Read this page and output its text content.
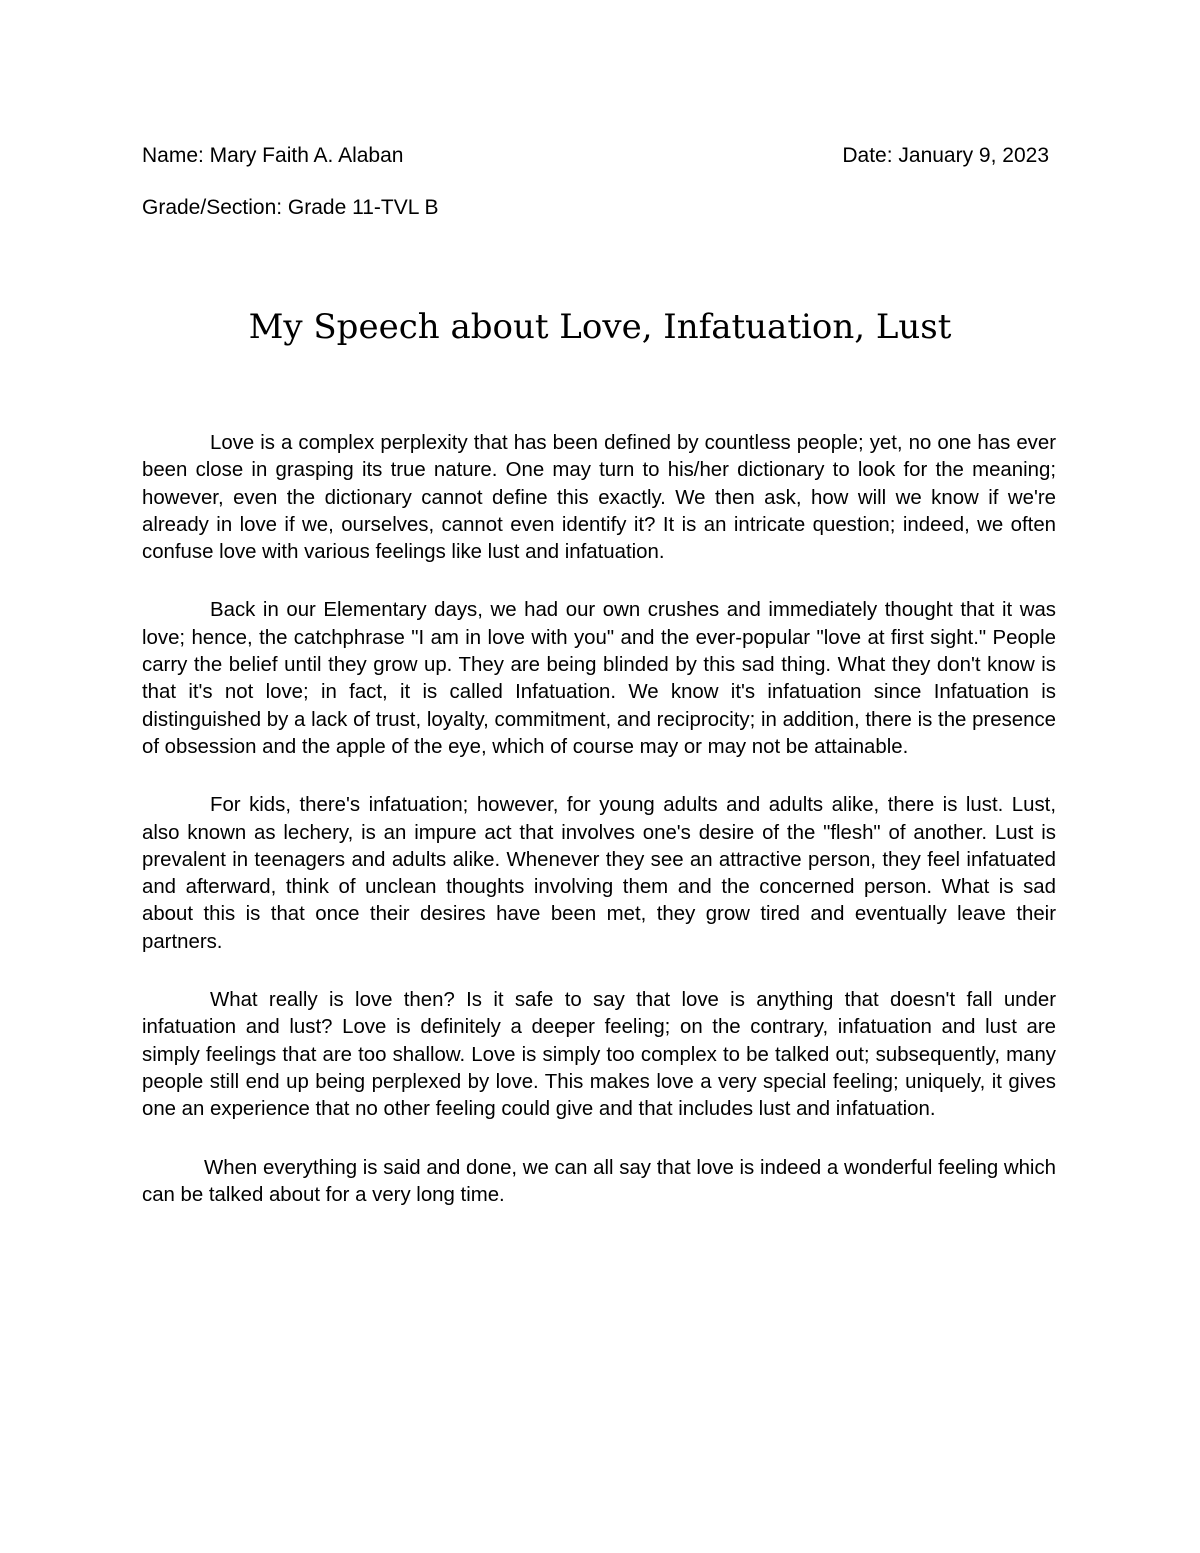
Name: Mary Faith A. Alaban	Date: January 9, 2023
Grade/Section: Grade 11-TVL B
My Speech about Love, Infatuation, Lust

Love is a complex perplexity that has been defined by countless people; yet, no one has ever been close in grasping its true nature. One may turn to his/her dictionary to look for the meaning; however, even the dictionary cannot define this exactly. We then ask, how will we know if we're already in love if we, ourselves, cannot even identify it? It is an intricate question; indeed, we often confuse love with various feelings like lust and infatuation.

Back in our Elementary days, we had our own crushes and immediately thought that it was love; hence, the catchphrase "I am in love with you" and the ever-popular "love at first sight." People carry the belief until they grow up. They are being blinded by this sad thing. What they don't know is that it's not love; in fact, it is called Infatuation. We know it's infatuation since Infatuation is distinguished by a lack of trust, loyalty, commitment, and reciprocity; in addition, there is the presence of obsession and the apple of the eye, which of course may or may not be attainable.

For kids, there's infatuation; however, for young adults and adults alike, there is lust. Lust, also known as lechery, is an impure act that involves one's desire of the "flesh" of another. Lust is prevalent in teenagers and adults alike. Whenever they see an attractive person, they feel infatuated and afterward, think of unclean thoughts involving them and the concerned person. What is sad about this is that once their desires have been met, they grow tired and eventually leave their partners.

What really is love then? Is it safe to say that love is anything that doesn't fall under infatuation and lust? Love is definitely a deeper feeling; on the contrary, infatuation and lust are simply feelings that are too shallow. Love is simply too complex to be talked out; subsequently, many people still end up being perplexed by love. This makes love a very special feeling; uniquely, it gives one an experience that no other feeling could give and that includes lust and infatuation.

When everything is said and done, we can all say that love is indeed a wonderful feeling which can be talked about for a very long time.
